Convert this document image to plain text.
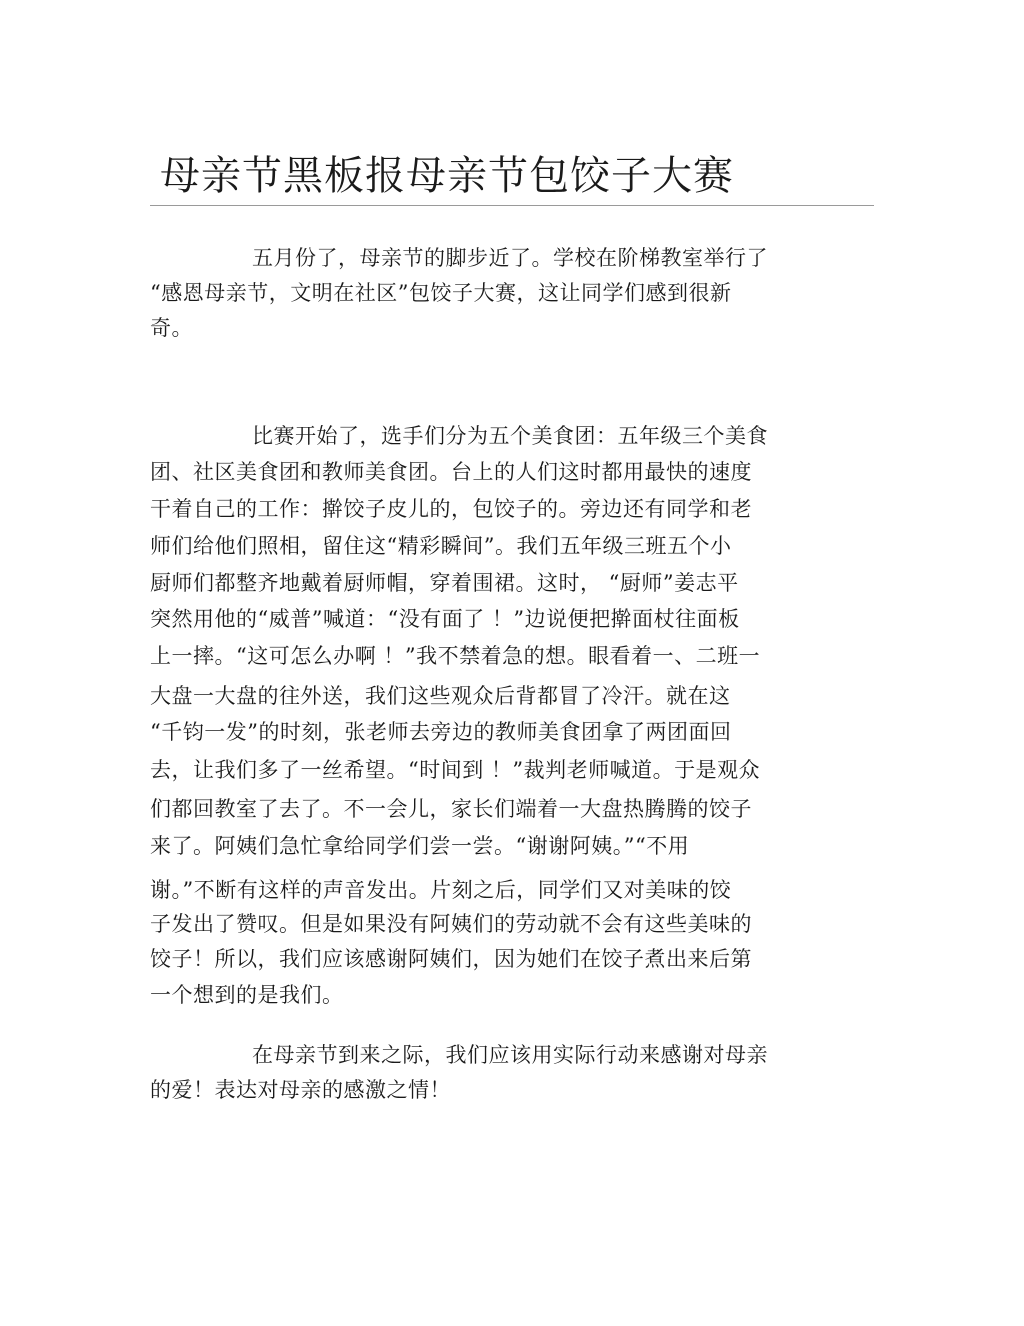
母亲节黑板报母亲节包饺子大赛

五月份了，母亲节的脚步近了。学校在阶梯教室举行了

“感恩母亲节，文明在社区”包饺子大赛，这让同学们感到很新

奇。

比赛开始了，选手们分为五个美食团：五年级三个美食

团、社区美食团和教师美食团。台上的人们这时都用最快的速度

干着自己的工作：擀饺子皮儿的，包饺子的。旁边还有同学和老

师们给他们照相，留住这“精彩瞬间”。我们五年级三班五个小

厨师们都整齐地戴着厨师帽，穿着围裙。这时， “厨师”姜志平

突然用他的“威普”喊道：“没有面了 ！”边说便把擀面杖往面板

上一摔。“这可怎么办啊 ！”我不禁着急的想。眼看着一、二班一

大盘一大盘的往外送，我们这些观众后背都冒了冷汗。就在这

“千钧一发”的时刻，张老师去旁边的教师美食团拿了两团面回

去，让我们多了一丝希望。“时间到 ！”裁判老师喊道。于是观众

们都回教室了去了。不一会儿，家长们端着一大盘热腾腾的饺子

来了。阿姨们急忙拿给同学们尝一尝。“谢谢阿姨。”“不用

谢。”不断有这样的声音发出。片刻之后，同学们又对美味的饺

子发出了赞叹。但是如果没有阿姨们的劳动就不会有这些美味的

饺子！所以，我们应该感谢阿姨们，因为她们在饺子煮出来后第

一个想到的是我们。

在母亲节到来之际，我们应该用实际行动来感谢对母亲

的爱！表达对母亲的感激之情！
